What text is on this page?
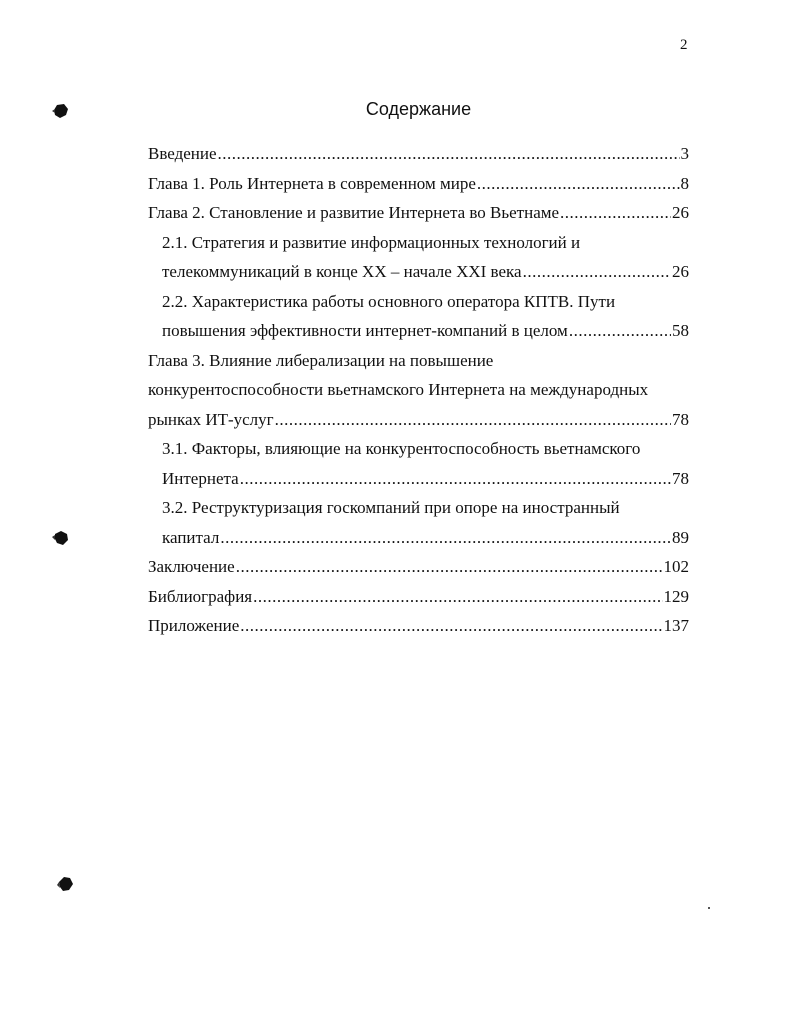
2
Содержание
Введение .....	3
Глава 1. Роль Интернета в современном мире .....	8
Глава 2. Становление и развитие Интернета во Вьетнаме .....	26
2.1. Стратегия и развитие информационных технологий и
телекоммуникаций в конце XX – начале XXI века .....	26
2.2. Характеристика работы основного оператора КПТВ. Пути
повышения эффективности интернет-компаний в целом .....	58
Глава 3. Влияние либерализации на повышение
конкурентоспособности вьетнамского Интернета на международных
рынках ИТ-услуг .....	78
3.1. Факторы, влияющие на конкурентоспособность вьетнамского
Интернета .....	78
3.2. Реструктуризация госкомпаний при опоре на иностранный
капитал .....	89
Заключение .....	102
Библиография .....	129
Приложение .....	137
